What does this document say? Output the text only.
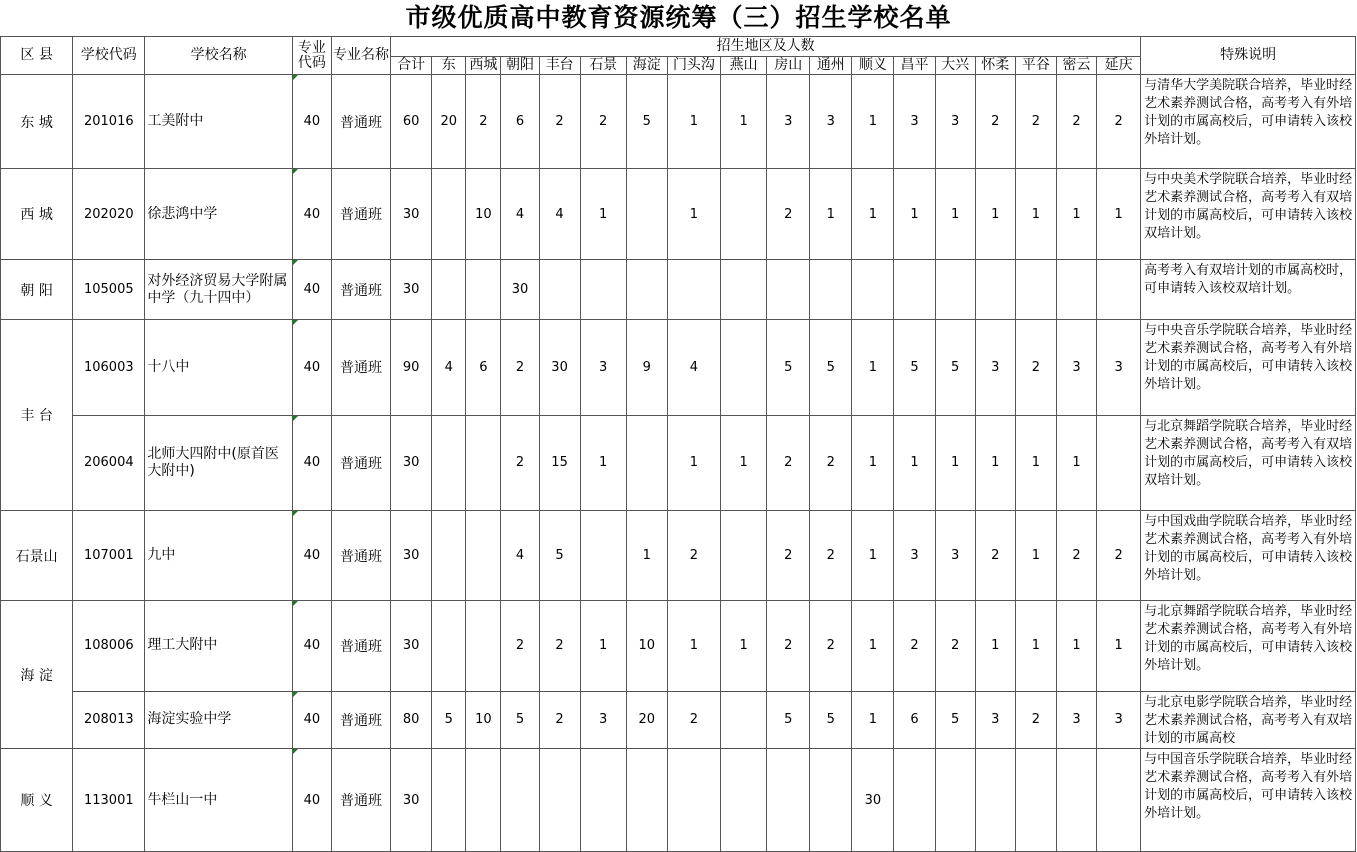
市级优质高中教育资源统筹（三）招生学校名单
区 县	学校代码	学校名称	专业代码	专业名称	招生地区及人数																		特殊说明
					合计	东	西城	朝阳	丰台	石景	海淀	门头沟	燕山	房山	通州	顺义	昌平	大兴	怀柔	平谷	密云	延庆	
东 城	201016	工美附中	40	普通班	60	20	2	6	2	2	5	1	1	3	3	1	3	3	2	2	2	2	与清华大学美院联合培养，毕业时经艺术素养测试合格，高考考入有外培计划的市属高校后，可申请转入该校外培计划。

西 城	202020	徐悲鸿中学	40	普通班	30		10	4	4	1		1		2	1	1	1	1	1	1	1	1	与中央美术学院联合培养，毕业时经艺术素养测试合格，高考考入有双培计划的市属高校后，可申请转入该校双培计划。

朝 阳	105005	对外经济贸易大学附属中学（九十四中）	40	普通班	30			30															高考考入有双培计划的市属高校时，可申请转入该校双培计划。

丰 台	106003	十八中	40	普通班	90	4	6	2	30	3	9	4		5	5	1	5	5	3	2	3	3	与中央音乐学院联合培养，毕业时经艺术素养测试合格，高考考入有外培计划的市属高校后，可申请转入该校外培计划。

	206004	北师大四附中(原首医大附中)	40	普通班	30			2	15	1		1	1	2	2	1	1	1	1	1	1		与北京舞蹈学院联合培养，毕业时经艺术素养测试合格，高考考入有双培计划的市属高校后，可申请转入该校双培计划。

石景山	107001	九中	40	普通班	30			4	5		1	2		2	2	1	3	3	2	1	2	2	与中国戏曲学院联合培养，毕业时经艺术素养测试合格，高考考入有外培计划的市属高校后，可申请转入该校外培计划。

海 淀	108006	理工大附中	40	普通班	30			2	2	1	10	1	1	2	2	1	2	2	1	1	1	1	与北京舞蹈学院联合培养，毕业时经艺术素养测试合格，高考考入有外培计划的市属高校后，可申请转入该校外培计划。

	208013	海淀实验中学	40	普通班	80	5	10	5	2	3	20	2		5	5	1	6	5	3	2	3	3	与北京电影学院联合培养，毕业时经艺术素养测试合格，高考考入有双培计划的市属高校

顺 义	113001	牛栏山一中	40	普通班	30											30							与中国音乐学院联合培养，毕业时经艺术素养测试合格，高考考入有外培计划的市属高校后，可申请转入该校外培计划。
